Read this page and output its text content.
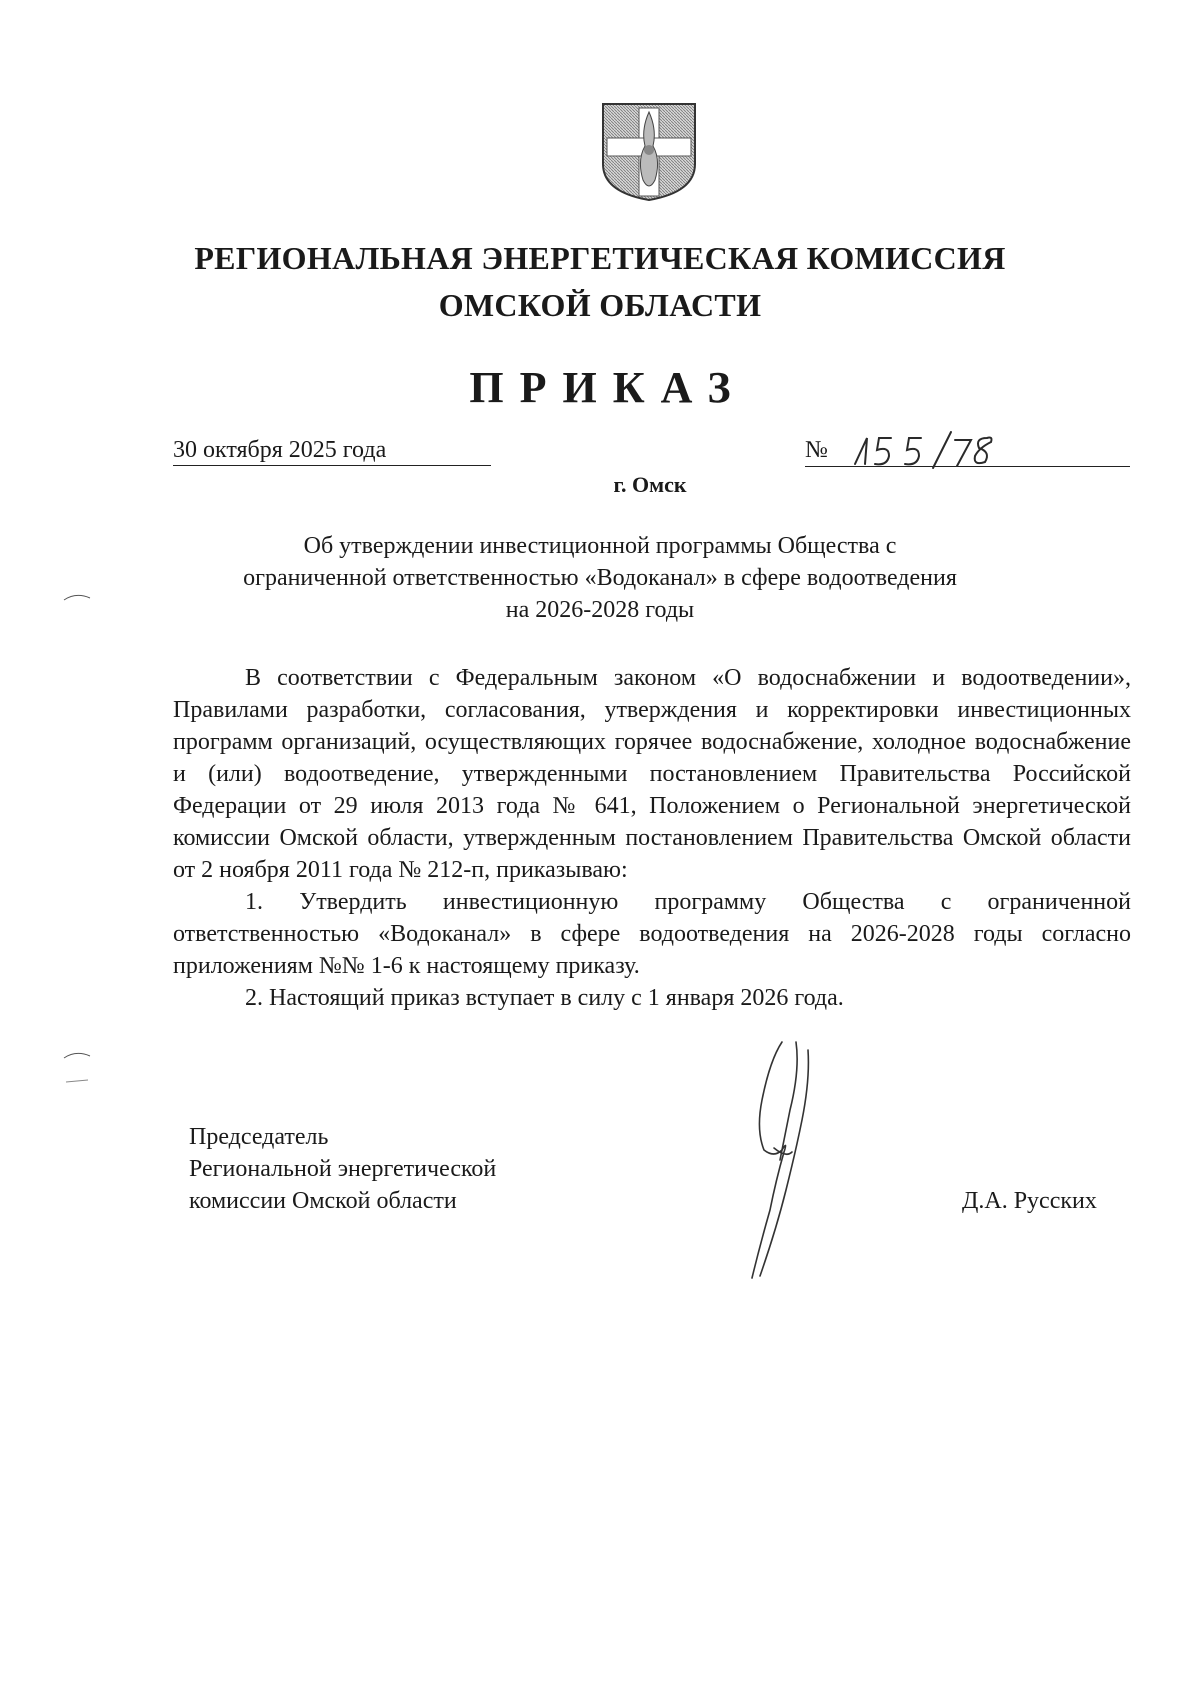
РЕГИОНАЛЬНАЯ ЭНЕРГЕТИЧЕСКАЯ КОМИССИЯ
ОМСКОЙ ОБЛАСТИ
ПРИКАЗ
30 октября 2025 года	№
г. Омск
Об утверждении инвестиционной программы Общества с
ограниченной ответственностью «Водоканал» в сфере водоотведения
на 2026-2028 годы

В соответствии с Федеральным законом «О водоснабжении и водоотведении», Правилами разработки, согласования, утверждения и корректировки инвестиционных программ организаций, осуществляющих горячее водоснабжение, холодное водоснабжение и (или) водоотведение, утвержденными постановлением Правительства Российской Федерации от 29 июля 2013 года № 641, Положением о Региональной энергетической комиссии Омской области, утвержденным постановлением Правительства Омской области от 2 ноября 2011 года № 212-п, приказываю:

1. Утвердить инвестиционную программу Общества с ограниченной ответственностью «Водоканал» в сфере водоотведения на 2026-2028 годы согласно приложениям №№ 1-6 к настоящему приказу.

2. Настоящий приказ вступает в силу с 1 января 2026 года.

Председатель
Региональной энергетической
комиссии Омской области	Д.А. Русских
